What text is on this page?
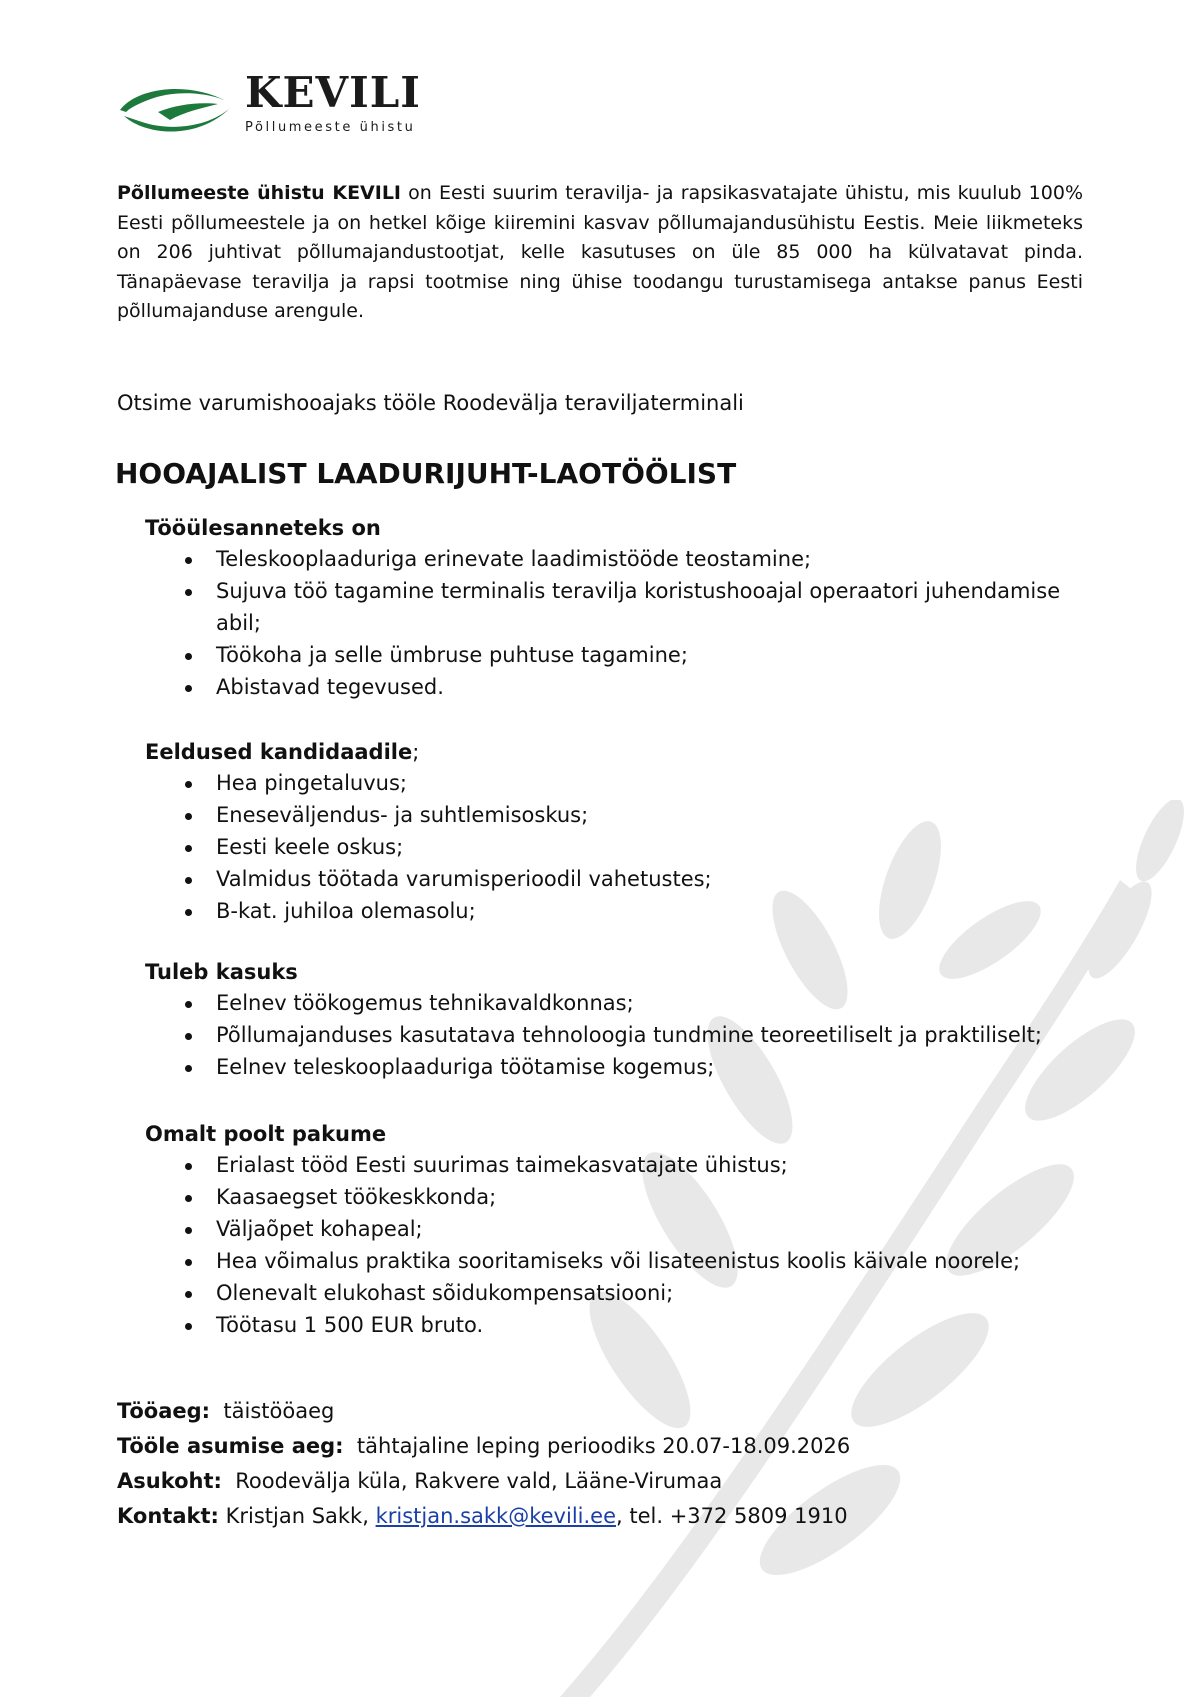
KEVILI
Põllumeeste ühistu

Põllumeeste ühistu KEVILI on Eesti suurim teravilja- ja rapsikasvatajate ühistu, mis kuulub 100% Eesti põllumeestele ja on hetkel kõige kiiremini kasvav põllumajandusühistu Eestis. Meie liikmeteks on 206 juhtivat põllumajandustootjat, kelle kasutuses on üle 85 000 ha külvatavat pinda. Tänapäevase teravilja ja rapsi tootmise ning ühise toodangu turustamisega antakse panus Eesti põllumajanduse arengule.

Otsime varumishooajaks tööle Roodevälja teraviljaterminali

HOOAJALIST LAADURIJUHT-LAOTÖÖLIST
Tööülesanneteks on
Teleskooplaaduriga erinevate laadimistööde teostamine;
Sujuva töö tagamine terminalis teravilja koristushooajal operaatori juhendamise abil;
Töökoha ja selle ümbruse puhtuse tagamine;
Abistavad tegevused.
Eeldused kandidaadile;
Hea pingetaluvus;
Eneseväljendus- ja suhtlemisoskus;
Eesti keele oskus;
Valmidus töötada varumisperioodil vahetustes;
B-kat. juhiloa olemasolu;
Tuleb kasuks
Eelnev töökogemus tehnikavaldkonnas;
Põllumajanduses kasutatava tehnoloogia tundmine teoreetiliselt ja praktiliselt;
Eelnev teleskooplaaduriga töötamise kogemus;
Omalt poolt pakume
Erialast tööd Eesti suurimas taimekasvatajate ühistus;
Kaasaegset töökeskkonda;
Väljaõpet kohapeal;
Hea võimalus praktika sooritamiseks või lisateenistus koolis käivale noorele;
Olenevalt elukohast sõidukompensatsiooni;
Töötasu 1 500 EUR bruto.
Tööaeg: täistööaeg
Tööle asumise aeg: tähtajaline leping perioodiks 20.07-18.09.2026
Asukoht: Roodevälja küla, Rakvere vald, Lääne-Virumaa
Kontakt: Kristjan Sakk, kristjan.sakk@kevili.ee, tel. +372 5809 1910
